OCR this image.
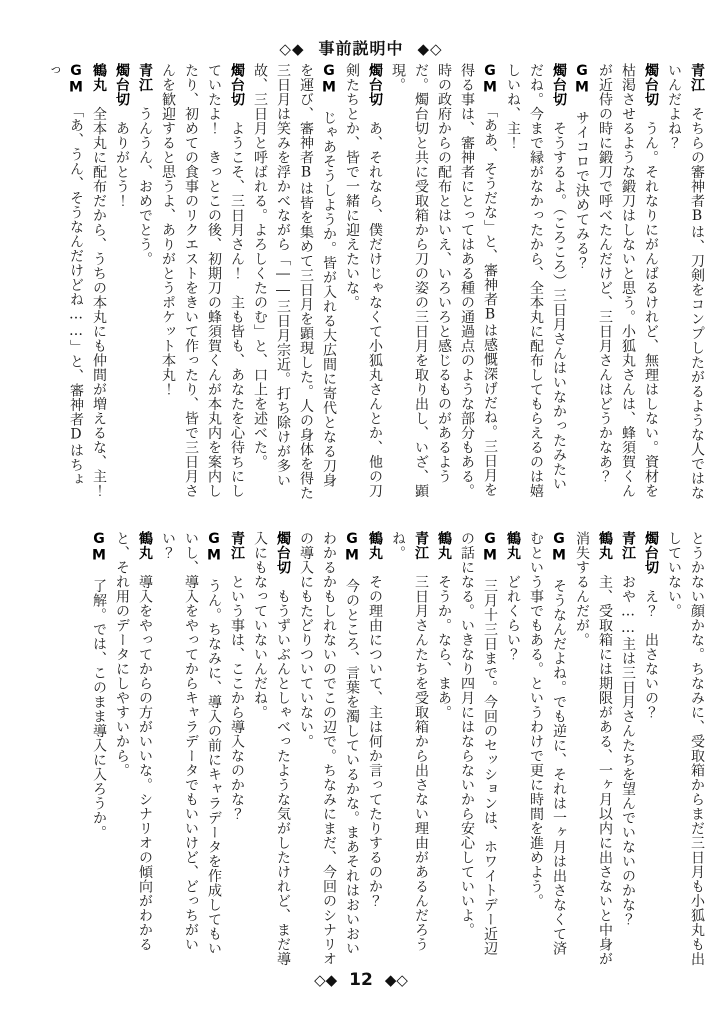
◇◆ 事前説明中 ◆◇

青江　そちらの審神者Bは、刀剣をコンプしたがるような人ではないんだよね？

燭台切　うん。それなりにがんばるけれど、無理はしない。資材を枯渇させるような鍛刀はしないと思う。小狐丸さんは、蜂須賀くんが近侍の時に鍛刀で呼べたんだけど、三日月さんはどうかなあ？

GM　サイコロで決めてみる？

燭台切　そうするよ。（ころころ）三日月さんはいなかったみたいだね。今まで縁がなかったから、全本丸に配布してもらえるのは嬉しいね、主！

GM　「ああ、そうだな」と、審神者Bは感慨深げだね。三日月を得る事は、審神者にとってはある種の通過点のような部分もある。時の政府からの配布とはいえ、いろいろと感じるものがあるようだ。燭台切と共に受取箱から刀の姿の三日月を取り出し、いざ、顕現。

燭台切　あ、それなら、僕だけじゃなくて小狐丸さんとか、他の刀剣たちとか、皆で一緒に迎えたいな。

GM　じゃあそうしようか。皆が入れる大広間に寄代となる刀身を運び、審神者Bは皆を集めて三日月を顕現した。人の身体を得た三日月は笑みを浮かべながら「――三日月宗近。打ち除けが多い故、三日月と呼ばれる。よろしくたのむ」と、口上を述べた。

燭台切　ようこそ、三日月さん！　主も皆も、あなたを心待ちにしていたよ！　きっとこの後、初期刀の蜂須賀くんが本丸内を案内したり、初めての食事のリクエストをきいて作ったり、皆で三日月さんを歓迎すると思うよ、ありがとうポケット本丸！

青江　うんうん、おめでとう。

燭台切　ありがとう！

鶴丸　全本丸に配布だから、うちの本丸にも仲間が増えるな、主！

GM　「あ、うん、そうなんだけどね……」と、審神者Dはちょっ

とうかない顔かな。ちなみに、受取箱からまだ三日月も小狐丸も出していない。

燭台切　え？　出さないの？

青江　おや……主は三日月さんたちを望んでいないのかな？

鶴丸　主、受取箱には期限がある、一ヶ月以内に出さないと中身が消失するんだが。

GM　そうなんだよね。でも逆に、それは一ヶ月は出さなくて済むという事でもある。というわけで更に時間を進めよう。

鶴丸　どれくらい？

GM　三月十三日まで。今回のセッションは、ホワイトデー近辺の話になる。いきなり四月にはならないから安心していいよ。

鶴丸　そうか。なら、まあ。

青江　三日月さんたちを受取箱から出さない理由があるんだろうね。

鶴丸　その理由について、主は何か言ってたりするのか？

GM　今のところ、言葉を濁しているかな。まあそれはおいおいわかるかもしれないのでこの辺で。ちなみにまだ、今回のシナリオの導入にもたどりついていない。

燭台切　もうずいぶんとしゃべったような気がしたけれど、まだ導入にもなっていないんだね。

青江　という事は、ここから導入なのかな？

GM　うん。ちなみに、導入の前にキャラデータを作成してもいいし、導入をやってからキャラデータでもいいけど、どっちがいい？

鶴丸　導入をやってからの方がいいな。シナリオの傾向がわかると、それ用のデータにしやすいから。

GM　了解。では、このまま導入に入ろうか。

◇◆ 12 ◆◇
